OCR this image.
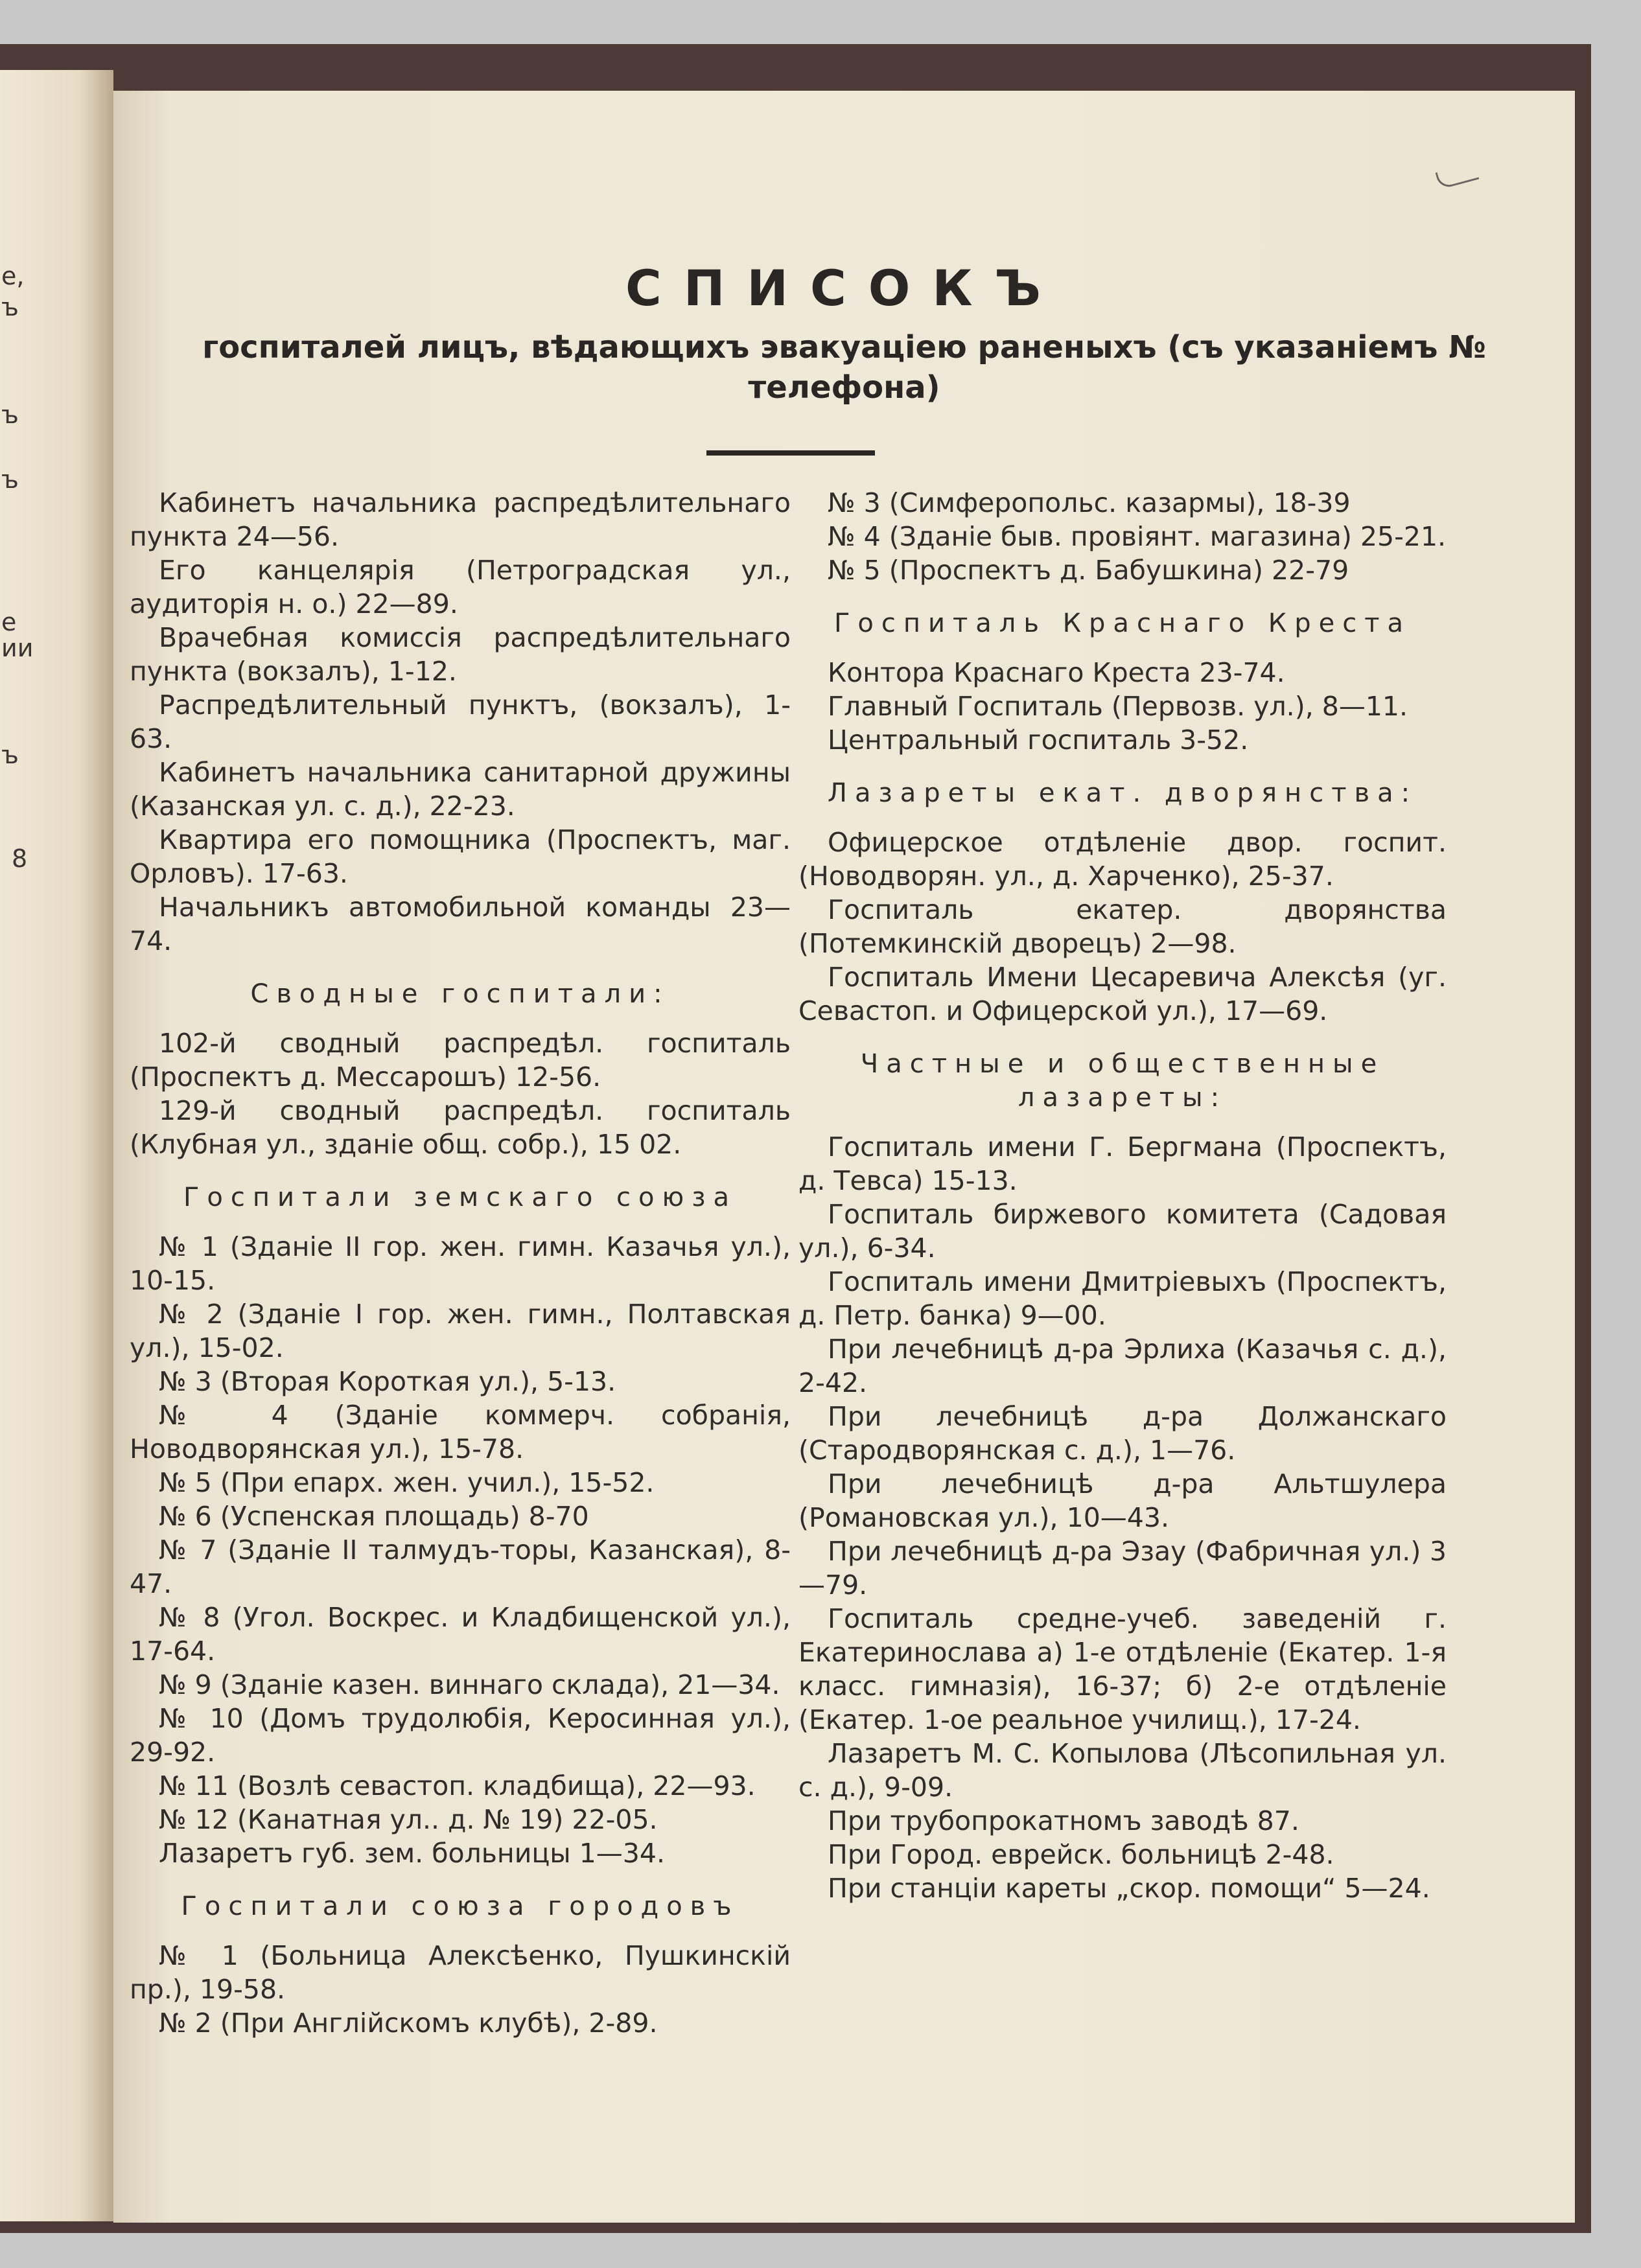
e,
ъ
ъ
ъ
e
ии
ъ
8
СПИСОКЪ
госпиталей лицъ, вѣдающихъ эвакуацiею раненыхъ (съ указанiемъ № телефона)
Кабинетъ начальника распредѣлительнаго пункта 24—56.
Его канцелярiя (Петроградская ул., аудиторiя н. о.) 22—89.
Врачебная комиссiя распредѣлительнаго пункта (вокзалъ), 1-12.
Распредѣлительный пунктъ, (вокзалъ), 1-63.
Кабинетъ начальника санитарной дружины (Казанская ул. с. д.), 22-23.
Квартира его помощника (Проспектъ, маг. Орловъ). 17-63.
Начальникъ автомобильной команды 23—74.
Сводные госпитали:
102-й сводный распредѣл. госпиталь (Проспектъ д. Мессарошъ) 12-56.
129-й сводный распредѣл. госпиталь (Клубная ул., зданiе общ. собр.), 15 02.
Госпитали земскаго союза
№ 1 (Зданiе II гор. жен. гимн. Казачья ул.), 10-15.
№ 2 (Зданiе I гор. жен. гимн., Полтавская ул.), 15-02.
№ 3 (Вторая Короткая ул.), 5-13.
№ 4 (Зданiе коммерч. собранiя, Новодворянская ул.), 15-78.
№ 5 (При епарх. жен. учил.), 15-52.
№ 6 (Успенская площадь) 8-70
№ 7 (Зданiе II талмудъ-торы, Казанская), 8-47.
№ 8 (Угол. Воскрес. и Кладбищенской ул.), 17-64.
№ 9 (Зданiе казен. виннаго склада), 21—34.
№ 10 (Домъ трудолюбiя, Керосинная ул.), 29-92.
№ 11 (Возлѣ севастоп. кладбища), 22—93.
№ 12 (Канатная ул.. д. № 19) 22-05.
Лазаретъ губ. зем. больницы 1—34.
Госпитали союза городовъ
№ 1 (Больница Алексѣенко, Пушкинскiй пр.), 19-58.
№ 2 (При Англiйскомъ клубѣ), 2-89.
№ 3 (Симферопольс. казармы), 18-39
№ 4 (Зданiе быв. провiянт. магазина) 25-21.
№ 5 (Проспектъ д. Бабушкина) 22-79
Госпиталь Краснаго Креста
Контора Краснаго Креста 23-74.
Главный Госпиталь (Первозв. ул.), 8—11.
Центральный госпиталь 3-52.
Лазареты екат. дворянства:
Офицерское отдѣленiе двор. госпит. (Новодворян. ул., д. Харченко), 25-37.
Госпиталь екатер. дворянства (Потемкинскiй дворецъ) 2—98.
Госпиталь Имени Цесаревича Алексѣя (уг. Севастоп. и Офицерской ул.), 17—69.
Частные и общественные лазареты:
Госпиталь имени Г. Бергмана (Проспектъ, д. Тевса) 15-13.
Госпиталь биржевого комитета (Садовая ул.), 6-34.
Госпиталь имени Дмитрiевыхъ (Проспектъ, д. Петр. банка) 9—00.
При лечебницѣ д-ра Эрлиха (Казачья с. д.), 2-42.
При лечебницѣ д-ра Должанскаго (Стародворянская с. д.), 1—76.
При лечебницѣ д-ра Альтшулера (Романовская ул.), 10—43.
При лечебницѣ д-ра Эзау (Фабричная ул.) 3—79.
Госпиталь средне-учеб. заведенiй г. Екатеринослава а) 1-е отдѣленiе (Екатер. 1-я класс. гимназiя), 16-37; б) 2-е отдѣленiе (Екатер. 1-ое реальное училищ.), 17-24.
Лазаретъ М. С. Копылова (Лѣсопильная ул. с. д.), 9-09.
При трубопрокатномъ заводѣ 87.
При Город. еврейск. больницѣ 2-48.
При станцiи кареты „скор. помощи“ 5—24.
